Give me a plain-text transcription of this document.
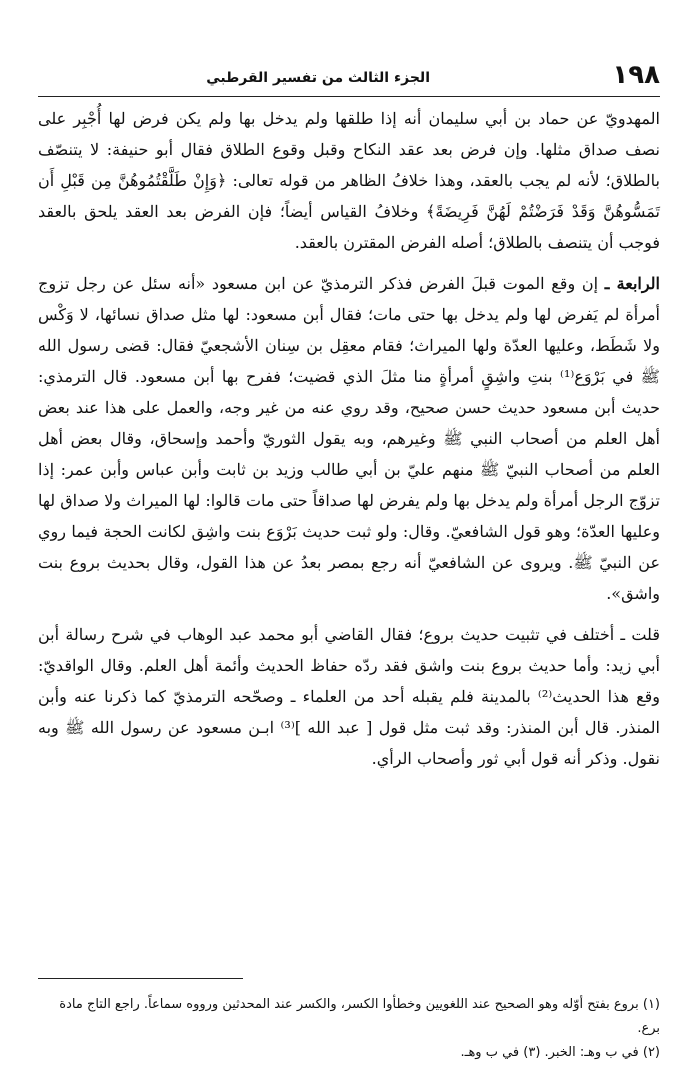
١٩٨
الجزء الثالث من تفسير القرطبي

المهدويّ عن حماد بن أبي سليمان أنه إذا طلقها ولم يدخل بها ولم يكن فرض لها أُجْبِر على نصف صداق مثلها. وإن فرض بعد عقد النكاح وقبل وقوع الطلاق فقال أبو حنيفة: لا يتنصّف بالطلاق؛ لأنه لم يجب بالعقد، وهذا خلافُ الظاهر من قوله تعالى: ﴿وَإِنْ طَلَّقْتُمُوهُنَّ مِن قَبْلِ أَن تَمَسُّوهُنَّ وَقَدْ فَرَضْتُمْ لَهُنَّ فَرِيضَةً﴾ وخلافُ القياس أيضاً؛ فإن الفرض بعد العقد يلحق بالعقد فوجب أن يتنصف بالطلاق؛ أصله الفرض المقترن بالعقد.

الرابعة ـ إن وقع الموت قبلَ الفرض فذكر الترمذيّ عن ابن مسعود «أنه سئل عن رجل تزوج أمرأة لم يَفرض لها ولم يدخل بها حتى مات؛ فقال أبن مسعود: لها مثل صداق نسائها، لا وَكْس ولا شَطَط، وعليها العدّة ولها الميراث؛ فقام معقِل بن سِنان الأشجعيّ فقال: قضى رسول الله ﷺ في بَرْوَع⁽¹⁾ بنتِ واشِقٍ أمرأةٍ منا مثلَ الذي قضيت؛ ففرح بها أبن مسعود. قال الترمذي: حديث أبن مسعود حديث حسن صحيح، وقد روي عنه من غير وجه، والعمل على هذا عند بعض أهل العلم من أصحاب النبي ﷺ وغيرهم، وبه يقول الثوريّ وأحمد وإسحاق، وقال بعض أهل العلم من أصحاب النبيّ ﷺ منهم عليّ بن أبي طالب وزيد بن ثابت وأبن عباس وأبن عمر: إذا تزوّج الرجل أمرأة ولم يدخل بها ولم يفرض لها صداقاً حتى مات قالوا: لها الميراث ولا صداق لها وعليها العدّة؛ وهو قول الشافعيّ. وقال: ولو ثبت حديث بَرْوَع بنت واشِق لكانت الحجة فيما روي عن النبيّ ﷺ. ويروى عن الشافعيّ أنه رجع بمصر بعدُ عن هذا القول، وقال بحديث بروع بنت واشق».

قلت ـ أختلف في تثبيت حديث بروع؛ فقال القاضي أبو محمد عبد الوهاب في شرح رسالة أبن أبي زيد: وأما حديث بروع بنت واشق فقد ردّه حفاظ الحديث وأئمة أهل العلم. وقال الواقديّ: وقع هذا الحديث⁽²⁾ بالمدينة فلم يقبله أحد من العلماء ـ وصحّحه الترمذيّ كما ذكرنا عنه وأبن المنذر. قال أبن المنذر: وقد ثبت مثل قول [ عبد الله ]⁽³⁾ ابـن مسعود عن رسول الله ﷺ وبه نقول. وذكر أنه قول أبي ثور وأصحاب الرأي.

(١) بروع بفتح أوّله وهو الصحيح عند اللغويين وخطأوا الكسر، والكسر عند المحدثين ورووه سماعاً. راجع التاج مادة برع.

(٢) في ب وهـ: الخبر. (٣) في ب وهـ.
